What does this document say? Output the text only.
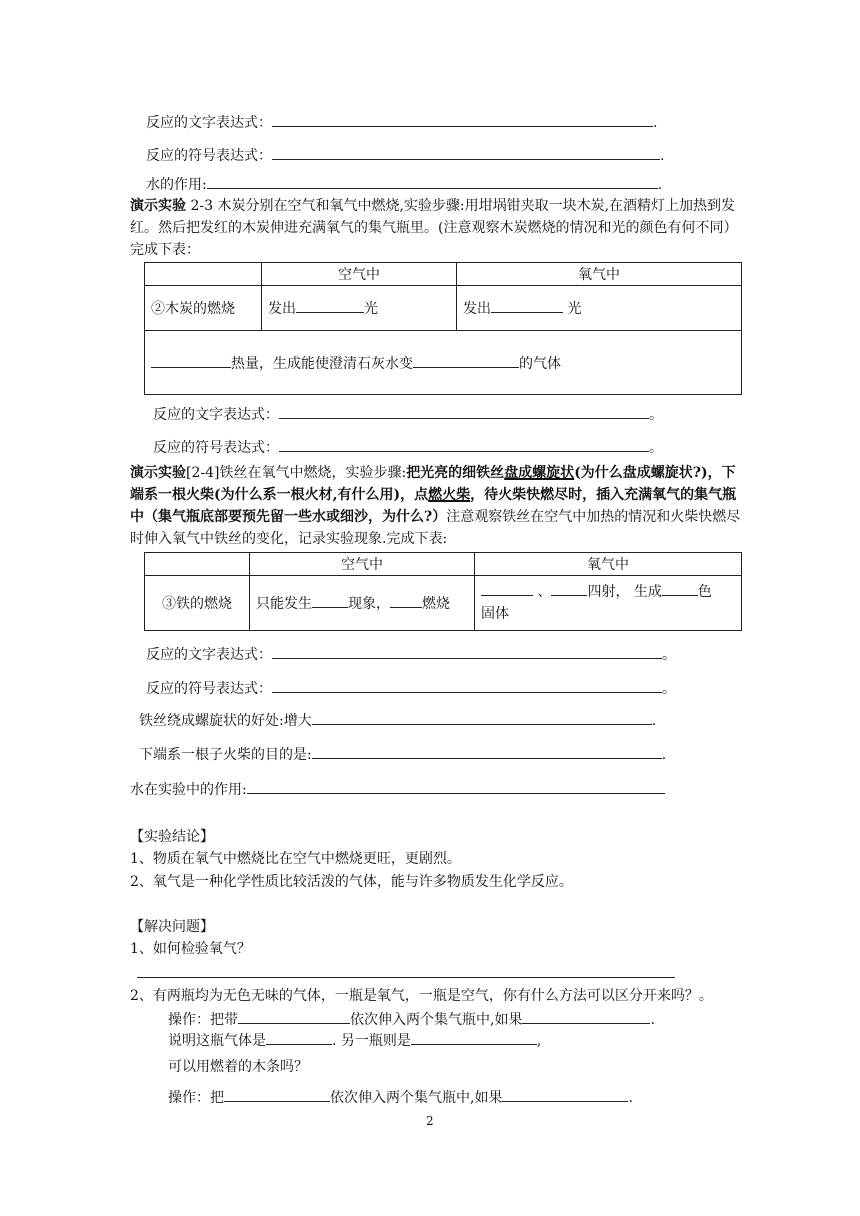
反应的文字表达式：	.
反应的符号表达式：	.
水的作用:	.
演示实验 2-3 木炭分别在空气和氧气中燃烧,实验步骤:用坩埚钳夹取一块木炭,在酒精灯上加热到发红。然后把发红的木炭伸进充满氧气的集气瓶里。(注意观察木炭燃烧的情况和光的颜色有何不同）完成下表：
	空气中	氧气中
②木炭的燃烧	发出 光	发出 光
热量，生成能使澄清石灰水变 的气体		
反应的文字表达式：	。
反应的符号表达式：	。
演示实验[2-4]铁丝在氧气中燃烧，实验步骤:把光亮的细铁丝盘成螺旋状(为什么盘成螺旋状?)，下端系一根火柴(为什么系一根火材,有什么用)，点燃火柴，待火柴快燃尽时，插入充满氧气的集气瓶中（集气瓶底部要预先留一些水或细沙，为什么?）注意观察铁丝在空气中加热的情况和火柴快燃尽时伸入氧气中铁丝的变化，记录实验现象.完成下表:
	空气中	氧气中
③铁的燃烧	只能发生 现象， 燃烧	、 四射， 生成 色
固体
反应的文字表达式：	。
反应的符号表达式：	。
铁丝绕成螺旋状的好处:增大	.
下端系一根子火柴的目的是:	.
水在实验中的作用:
【实验结论】
1、物质在氧气中燃烧比在空气中燃烧更旺，更剧烈。
2、氧气是一种化学性质比较活泼的气体，能与许多物质发生化学反应。
【解决问题】
1、如何检验氧气？
2、有两瓶均为无色无味的气体，一瓶是氧气，一瓶是空气，你有什么方法可以区分开来吗？。
操作：把带	依次伸入两个集气瓶中,如果	.
说明这瓶气体是	. 另一瓶则是	,
可以用燃着的木条吗？
操作：把	依次伸入两个集气瓶中,如果	.
2
